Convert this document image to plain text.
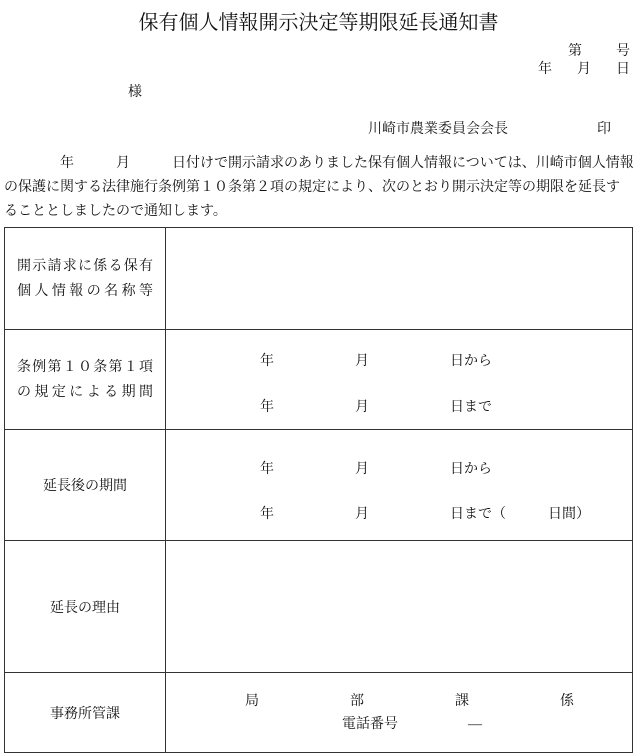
保有個人情報開示決定等期限延長通知書
第 号
年 月 日
様
川崎市農業委員会会長	印
　　　　年　　　月　　　日付けで開示請求のありました保有個人情報については、川崎市個人情報
の保護に関する法律施行条例第１０条第２項の規定により、次のとおり開示決定等の期限を延長す
ることとしましたので通知します。
開示請求に係る保有
個人情報の名称等
条例第１０条第１項
の規定による期間
年	月	日から
年	月	日まで
延長後の期間
年	月	日から
年	月	日まで（　　　日間）
延長の理由
事務所管課
局	部	課	係
電話番号	―
